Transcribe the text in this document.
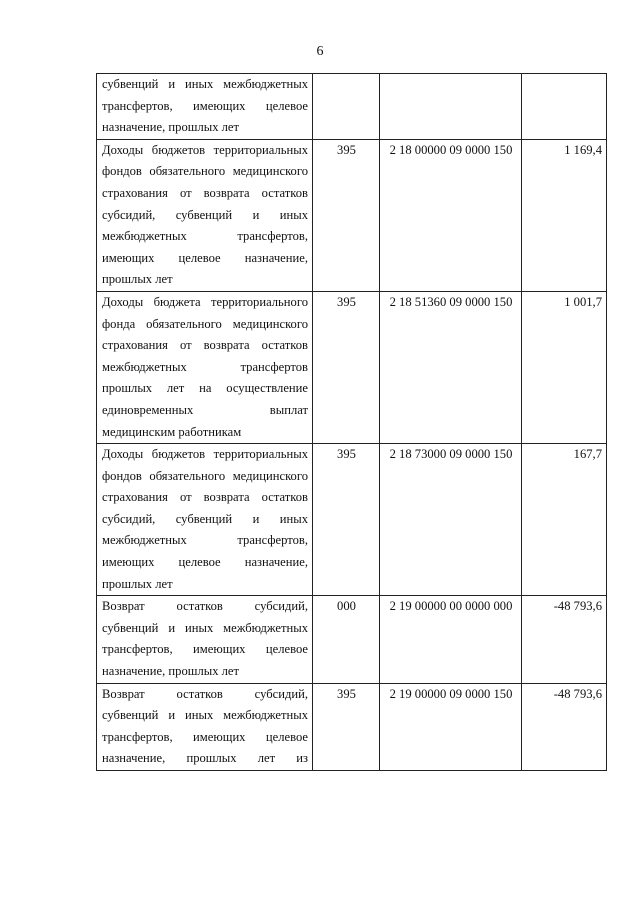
6
субвенций и иных межбюджетных трансфертов, имеющих целевое назначение, прошлых лет			
Доходы бюджетов территориальных фондов обязательного медицинского страхования от возврата остатков субсидий, субвенций и иных межбюджетных трансфертов, имеющих целевое назначение, прошлых лет	395	2 18 00000 09 0000 150	1 169,4
Доходы бюджета территориального фонда обязательного медицинского страхования от возврата остатков межбюджетных трансфертов прошлых лет на осуществление единовременных выплат медицинским работникам	395	2 18 51360 09 0000 150	1 001,7
Доходы бюджетов территориальных фондов обязательного медицинского страхования от возврата остатков субсидий, субвенций и иных межбюджетных трансфертов, имеющих целевое назначение, прошлых лет	395	2 18 73000 09 0000 150	167,7
Возврат остатков субсидий, субвенций и иных межбюджетных трансфертов, имеющих целевое назначение, прошлых лет	000	2 19 00000 00 0000 000	-48 793,6
Возврат остатков субсидий, субвенций и иных межбюджетных трансфертов, имеющих целевое назначение, прошлых лет из	395	2 19 00000 09 0000 150	-48 793,6
